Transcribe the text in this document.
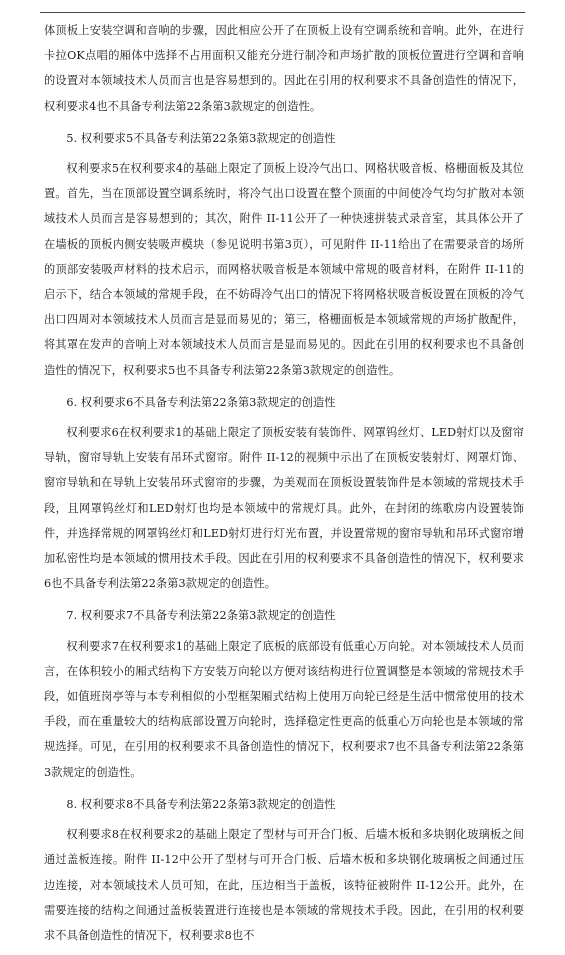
体顶板上安装空调和音响的步骤，因此相应公开了在顶板上设有空调系统和音响。此外，在进行卡拉OK点唱的厢体中选择不占用面积又能充分进行制冷和声场扩散的顶板位置进行空调和音响的设置对本领域技术人员而言也是容易想到的。因此在引用的权利要求不具备创造性的情况下，权利要求4也不具备专利法第22条第3款规定的创造性。

5. 权利要求5不具备专利法第22条第3款规定的创造性

权利要求5在权利要求4的基础上限定了顶板上设冷气出口、网格状吸音板、格栅面板及其位置。首先，当在顶部设置空调系统时，将冷气出口设置在整个顶面的中间使冷气均匀扩散对本领域技术人员而言是容易想到的；其次，附件 II-11公开了一种快速拼装式录音室，其具体公开了在墙板的顶板内侧安装吸声模块（参见说明书第3页），可见附件 II-11给出了在需要录音的场所的顶部安装吸声材料的技术启示，而网格状吸音板是本领域中常规的吸音材料，在附件 II-11的启示下，结合本领域的常规手段，在不妨碍冷气出口的情况下将网格状吸音板设置在顶板的冷气出口四周对本领域技术人员而言是显而易见的；第三，格栅面板是本领域常规的声场扩散配件，将其罩在发声的音响上对本领域技术人员而言是显而易见的。因此在引用的权利要求也不具备创造性的情况下，权利要求5也不具备专利法第22条第3款规定的创造性。

6. 权利要求6不具备专利法第22条第3款规定的创造性

权利要求6在权利要求1的基础上限定了顶板安装有装饰件、网罩钨丝灯、LED射灯以及窗帘导轨，窗帘导轨上安装有吊环式窗帘。附件 II-12的视频中示出了在顶板安装射灯、网罩灯饰、窗帘导轨和在导轨上安装吊环式窗帘的步骤，为美观而在顶板设置装饰件是本领域的常规技术手段，且网罩钨丝灯和LED射灯也均是本领域中的常规灯具。此外，在封闭的练歌房内设置装饰件，并选择常规的网罩钨丝灯和LED射灯进行灯光布置，并设置常规的窗帘导轨和吊环式窗帘增加私密性均是本领域的惯用技术手段。因此在引用的权利要求不具备创造性的情况下，权利要求6也不具备专利法第22条第3款规定的创造性。

7. 权利要求7不具备专利法第22条第3款规定的创造性

权利要求7在权利要求1的基础上限定了底板的底部设有低重心万向轮。对本领域技术人员而言，在体积较小的厢式结构下方安装万向轮以方便对该结构进行位置调整是本领域的常规技术手段，如值班岗亭等与本专利相似的小型框架厢式结构上使用万向轮已经是生活中惯常使用的技术手段，而在重量较大的结构底部设置万向轮时，选择稳定性更高的低重心万向轮也是本领域的常规选择。可见，在引用的权利要求不具备创造性的情况下，权利要求7也不具备专利法第22条第3款规定的创造性。

8. 权利要求8不具备专利法第22条第3款规定的创造性

权利要求8在权利要求2的基础上限定了型材与可开合门板、后墙木板和多块钢化玻璃板之间通过盖板连接。附件 II-12中公开了型材与可开合门板、后墙木板和多块钢化玻璃板之间通过压边连接，对本领域技术人员可知，在此，压边相当于盖板，该特征被附件 II-12公开。此外，在需要连接的结构之间通过盖板装置进行连接也是本领域的常规技术手段。因此，在引用的权利要求不具备创造性的情况下，权利要求8也不
